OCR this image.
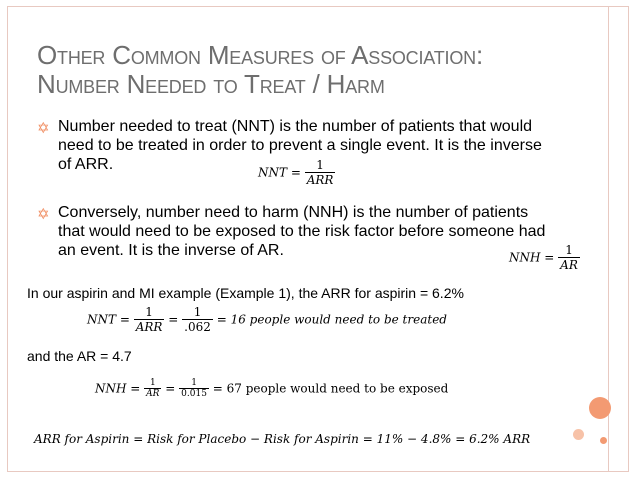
Other Common Measures of Association:
Number Needed to Treat / Harm
✡ Number needed to treat (NNT) is the number of patients that would need to be treated in order to prevent a single event. It is the inverse of ARR.	NNT = $\frac{1}{\text{ARR}}$
✡ Conversely, number need to harm (NNH) is the number of patients that would need to be exposed to the risk factor before someone had an event. It is the inverse of AR.	NNH = $\frac{1}{AR}$
In our aspirin and MI example (Example 1), the ARR for aspirin = 6.2%
NNT = $\frac{1}{\text{ARR}} = \frac{1}{.062} = 16$ people would need to be treated
and the AR = 4.7
NNH = $\frac{1}{AR} = \frac{1}{0.015} = 67$ people would need to be exposed
ARR for Aspirin = Risk for Placebo − Risk for Aspirin = 11% − 4.8% = 6.2% ARR
